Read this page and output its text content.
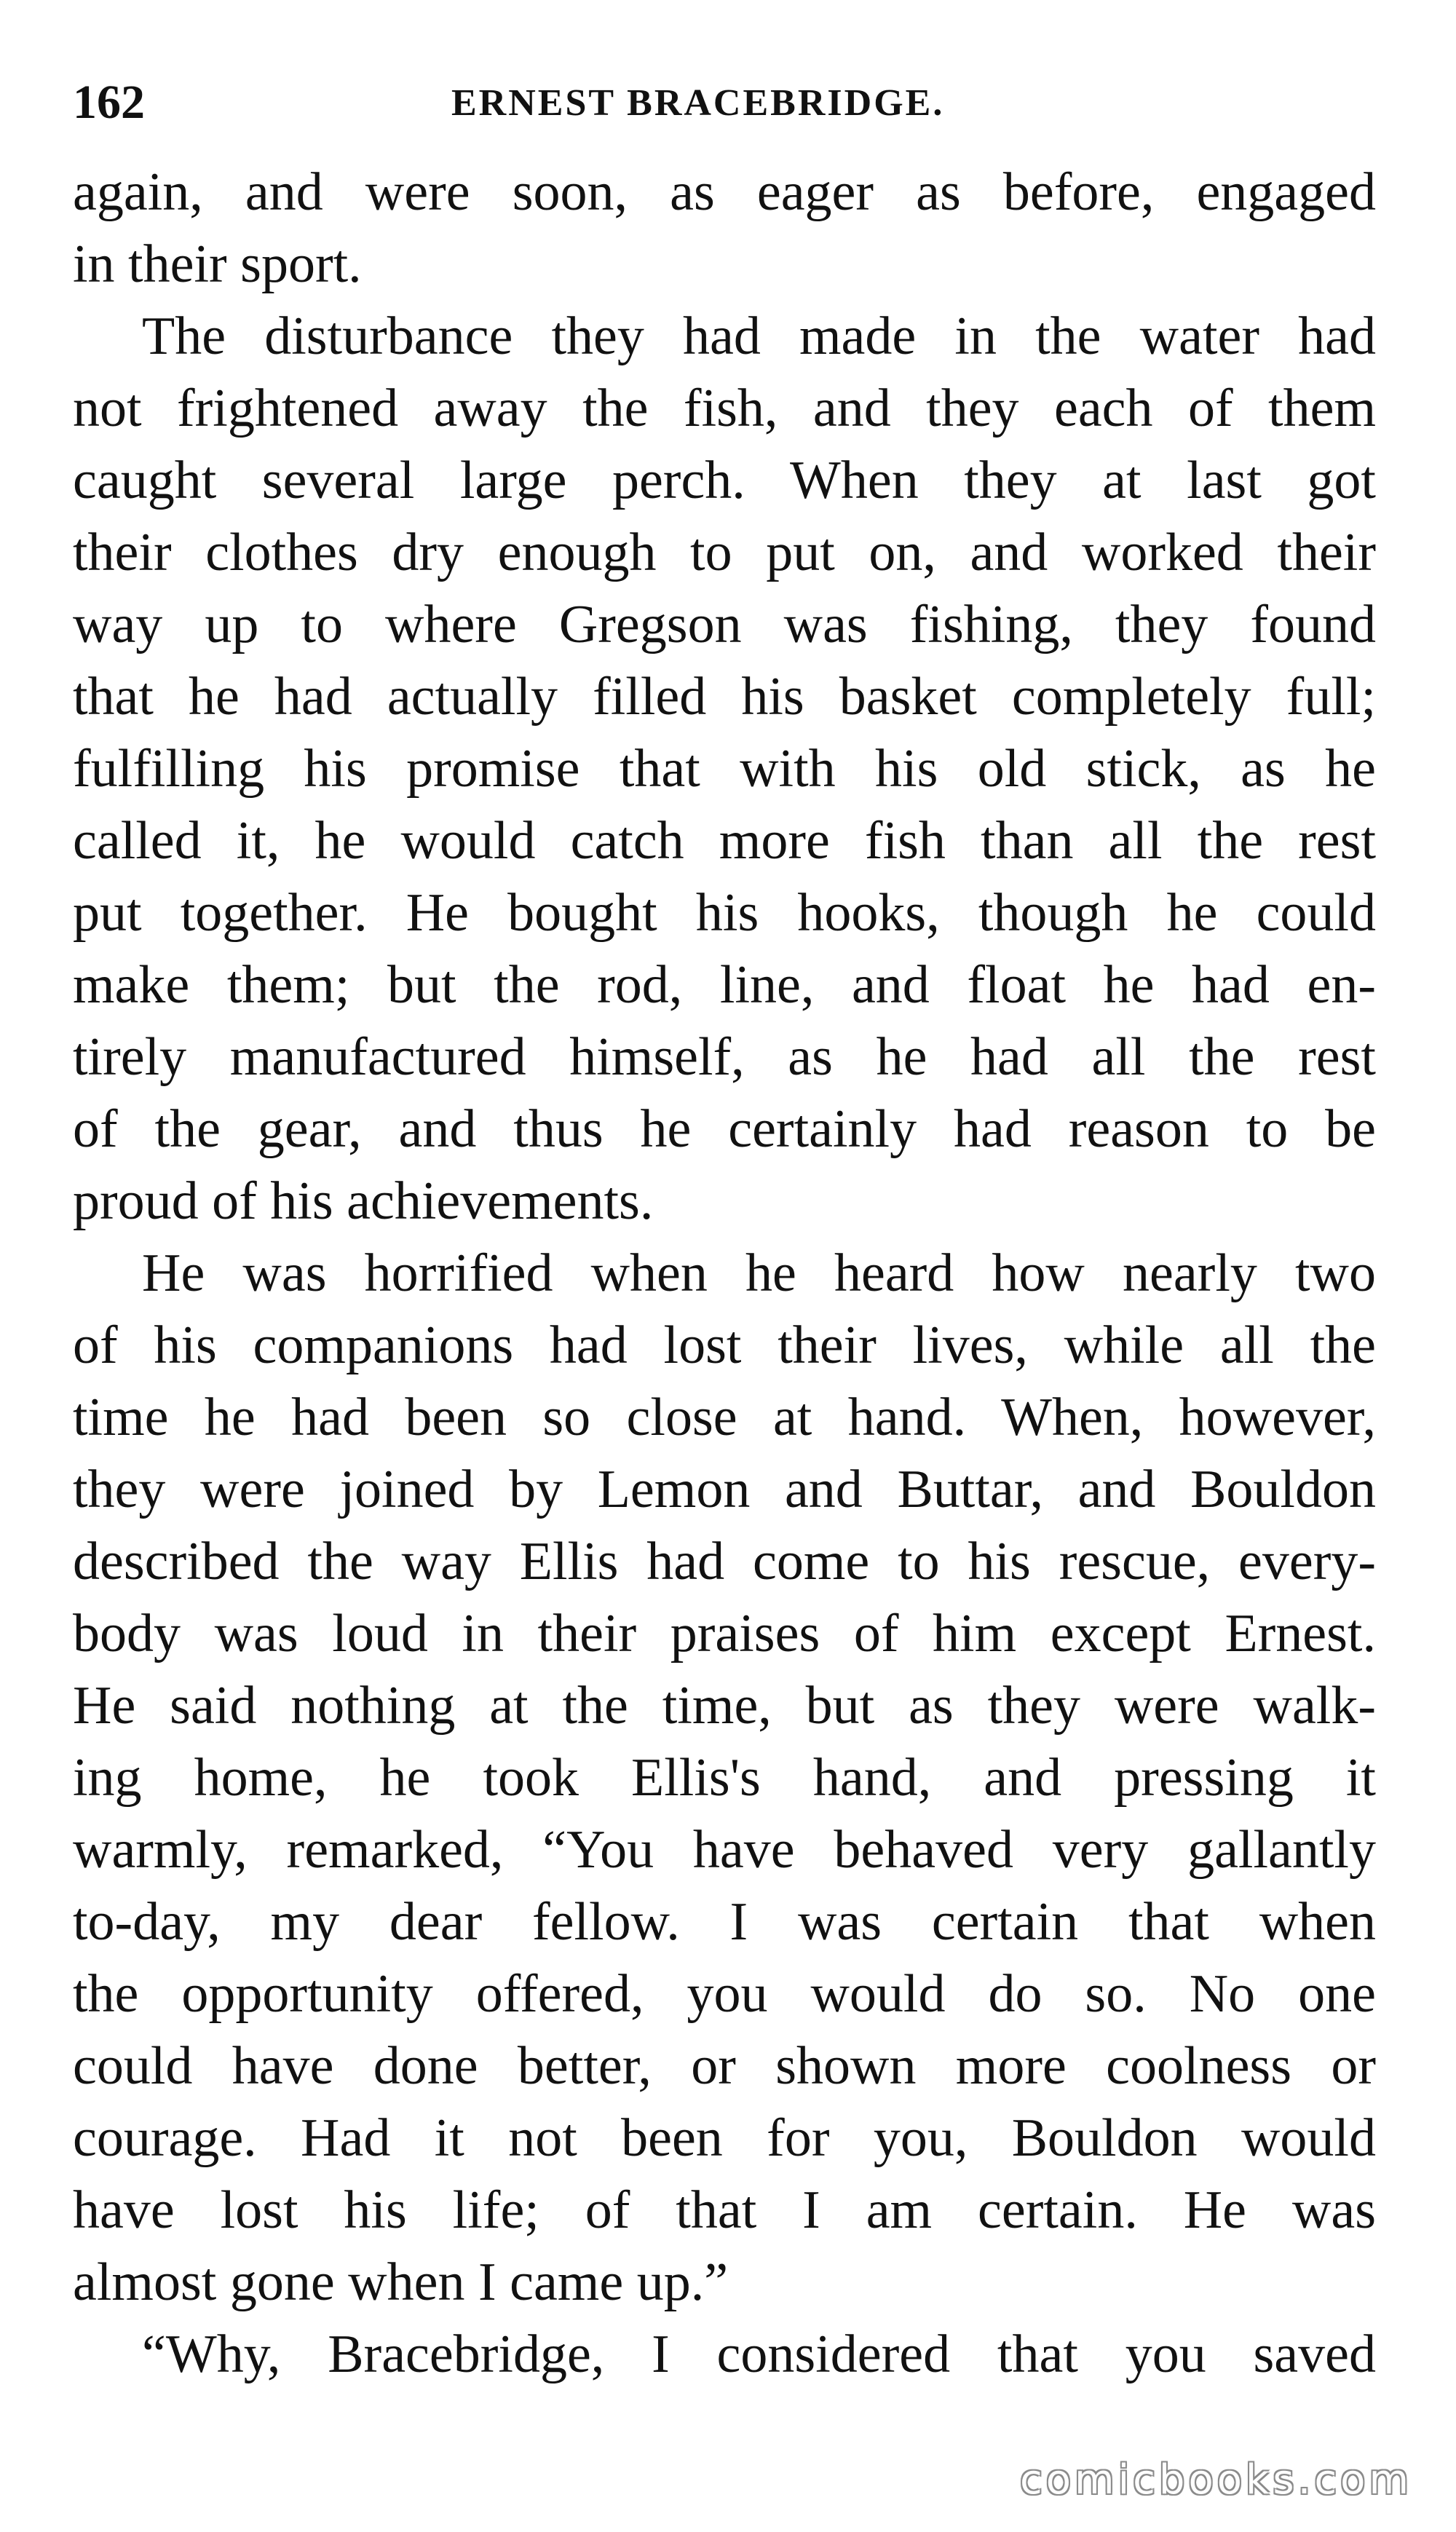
162	ERNEST BRACEBRIDGE.
again, and were soon, as eager as before, engaged
in their sport.
The disturbance they had made in the water had
not frightened away the fish, and they each of them
caught several large perch. When they at last got
their clothes dry enough to put on, and worked their
way up to where Gregson was fishing, they found
that he had actually filled his basket completely full;
fulfilling his promise that with his old stick, as he
called it, he would catch more fish than all the rest
put together. He bought his hooks, though he could
make them; but the rod, line, and float he had en-
tirely manufactured himself, as he had all the rest
of the gear, and thus he certainly had reason to be
proud of his achievements.
He was horrified when he heard how nearly two
of his companions had lost their lives, while all the
time he had been so close at hand. When, however,
they were joined by Lemon and Buttar, and Bouldon
described the way Ellis had come to his rescue, every-
body was loud in their praises of him except Ernest.
He said nothing at the time, but as they were walk-
ing home, he took Ellis's hand, and pressing it
warmly, remarked, “You have behaved very gallantly
to-day, my dear fellow. I was certain that when
the opportunity offered, you would do so. No one
could have done better, or shown more coolness or
courage. Had it not been for you, Bouldon would
have lost his life; of that I am certain. He was
almost gone when I came up.”
“Why, Bracebridge, I considered that you saved
comicbooks.com
